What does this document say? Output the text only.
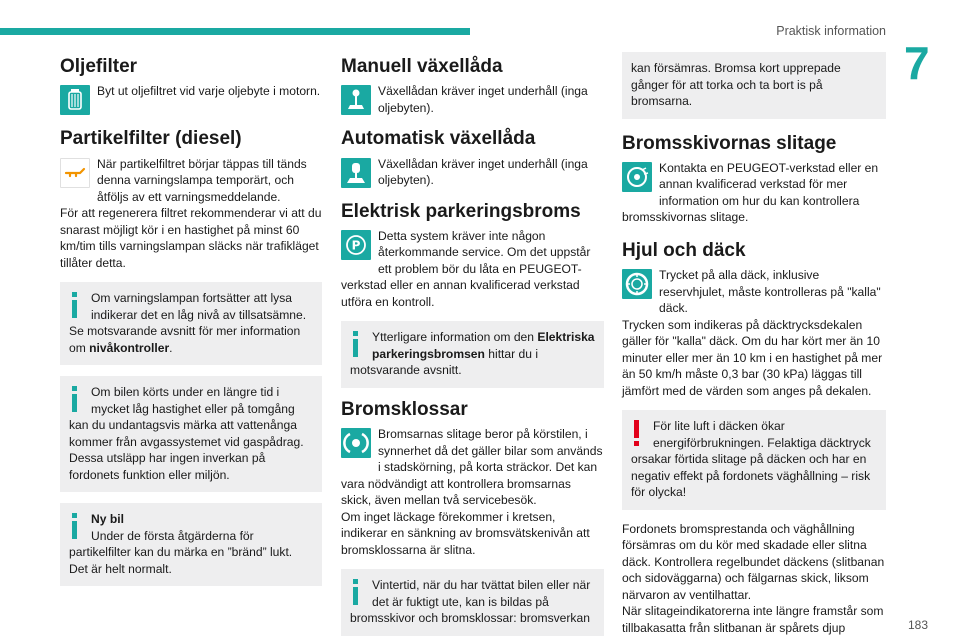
Praktisk information
7
Oljefilter
Byt ut oljefiltret vid varje oljebyte i motorn.
Partikelfilter (diesel)
När partikelfiltret börjar täppas till tänds denna varningslampa temporärt, och åtföljs av ett varningsmeddelande.

För att regenerera filtret rekommenderar vi att du snarast möjligt kör i en hastighet på minst 60 km/tim tills varningslampan släcks när trafikläget tillåter detta.

Om varningslampan fortsätter att lysa indikerar det en låg nivå av tillsatsämne. Se motsvarande avsnitt för mer information om nivåkontroller.
Om bilen körts under en längre tid i mycket låg hastighet eller på tomgång kan du undantagsvis märka att vattenånga kommer från avgassystemet vid gaspådrag. Dessa utsläpp har ingen inverkan på fordonets funktion eller miljön.
Ny bil
Under de första åtgärderna för partikelfilter kan du märka en ”bränd” lukt. Det är helt normalt.
Manuell växellåda
Växellådan kräver inget underhåll (inga oljebyten).
Automatisk växellåda
Växellådan kräver inget underhåll (inga oljebyten).
Elektrisk parkeringsbroms
P
Detta system kräver inte någon återkommande service. Om det uppstår ett problem bör du låta en PEUGEOT-verkstad eller en annan kvalificerad verkstad utföra en kontroll.
Ytterligare information om den Elektriska parkeringsbromsen hittar du i motsvarande avsnitt.
Bromsklossar
Bromsarnas slitage beror på körstilen, i synnerhet då det gäller bilar som används i stadskörning, på korta sträckor. Det kan vara nödvändigt att kontrollera bromsarnas skick, även mellan två servicebesök.

Om inget läckage förekommer i kretsen, indikerar en sänkning av bromsvätskenivån att bromsklossarna är slitna.

Vintertid, när du har tvättat bilen eller när det är fuktigt ute, kan is bildas på bromsskivor och bromsklossar: bromsverkan
kan försämras. Bromsa kort upprepade gånger för att torka och ta bort is på bromsarna.
Bromsskivornas slitage
Kontakta en PEUGEOT-verkstad eller en annan kvalificerad verkstad för mer information om hur du kan kontrollera bromsskivornas slitage.
Hjul och däck
Trycket på alla däck, inklusive reservhjulet, måste kontrolleras på "kalla" däck.

Trycken som indikeras på däcktrycksdekalen gäller för "kalla" däck. Om du har kört mer än 10 minuter eller mer än 10 km i en hastighet på mer än 50 km/h måste 0,3 bar (30 kPa) läggas till jämfört med de värden som anges på dekalen.

För lite luft i däcken ökar energiförbrukningen. Felaktiga däcktryck orsakar förtida slitage på däcken och har en negativ effekt på fordonets väghållning – risk för olycka!

Fordonets bromsprestanda och väghållning försämras om du kör med skadade eller slitna däck. Kontrollera regelbundet däckens (slitbanan och sidoväggarna) och fälgarnas skick, liksom närvaron av ventilhattar.

När slitageindikatorerna inte längre framstår som tillbakasatta från slitbanan är spårets djup	183
